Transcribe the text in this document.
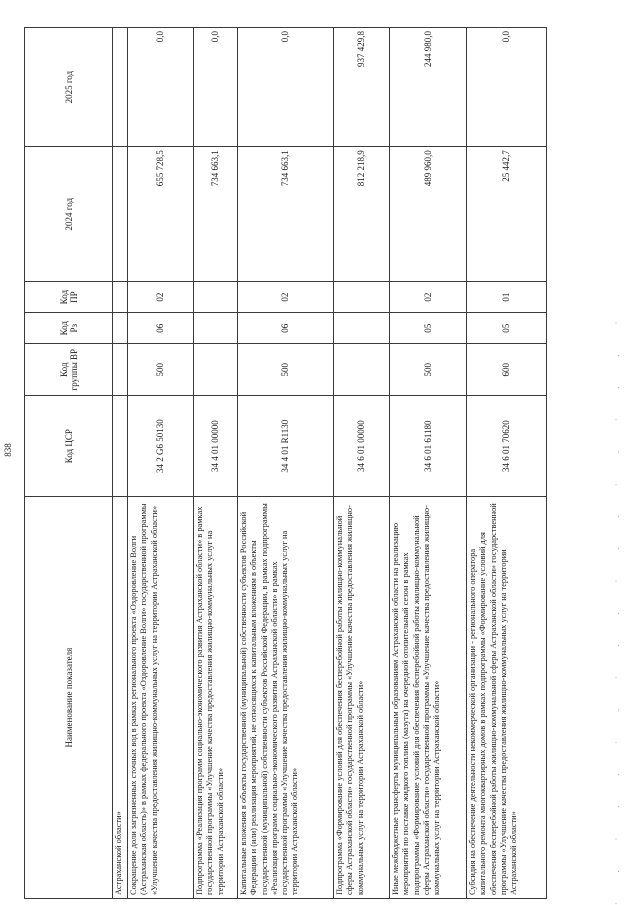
838
Наименование показателя	Код ЦСР	Код группы ВР	Код Рз	Код ПР	2024 год	2025 год
Астраханской области»						
Сокращение доли загрязненных сточных вод в рамках регионального проекта «Оздоровление Волги (Астраханская область)» в рамках федерального проекта «Оздоровление Волги» государственной программы «Улучшение качества предоставления жилищно-коммунальных услуг на территории Астраханской области»	34 2 G6 50130	500	06	02	655 728,5	0,0
Подпрограмма «Реализация программ социально-экономического развития Астраханской области» в рамках государственной программы «Улучшение качества предоставления жилищно-коммунальных услуг на территории Астраханской области»	34 4 01 00000				734 663,1	0,0
Капитальные вложения в объекты государственной (муниципальной) собственности субъектов Российской Федерации и (или) реализация мероприятий, не относящихся к капитальным вложениям в объекты государственной (муниципальной) собственности субъектов Российской Федерации, в рамках подпрограммы «Реализация программ социально-экономического развития Астраханской области» в рамках государственной программы «Улучшение качества предоставления жилищно-коммунальных услуг на территории Астраханской области»	34 4 01 R1130	500	06	02	734 663,1	0,0
Подпрограмма «Формирование условий для обеспечения бесперебойной работы жилищно-коммунальной сферы Астраханской области» государственной программы «Улучшение качества предоставления жилищно-коммунальных услуг на территории Астраханской области»	34 6 01 00000				812 218,9	937 429,8
Иные межбюджетные трансферты муниципальным образованиям Астраханской области на реализацию мероприятий по поставке жидкого топлива (мазута) на очередной отопительный сезон в рамках подпрограммы «Формирование условий для обеспечения бесперебойной работы жилищно-коммунальной сферы Астраханской области» государственной программы «Улучшение качества предоставления жилищно-коммунальных услуг на территории Астраханской области»	34 6 01 61180	500	05	02	489 960,0	244 980,0
Субсидия на обеспечение деятельности некоммерческой организации - регионального оператора капитального ремонта многоквартирных домов в рамках подпрограммы «Формирование условий для обеспечения бесперебойной работы жилищно-коммунальной сферы Астраханской области» государственной программы «Улучшение качества предоставления жилищно-коммунальных услуг на территории Астраханской области»	34 6 01 70620	600	05	01	25 442,7	0,0
·.·..·.·..·..·.·..·
